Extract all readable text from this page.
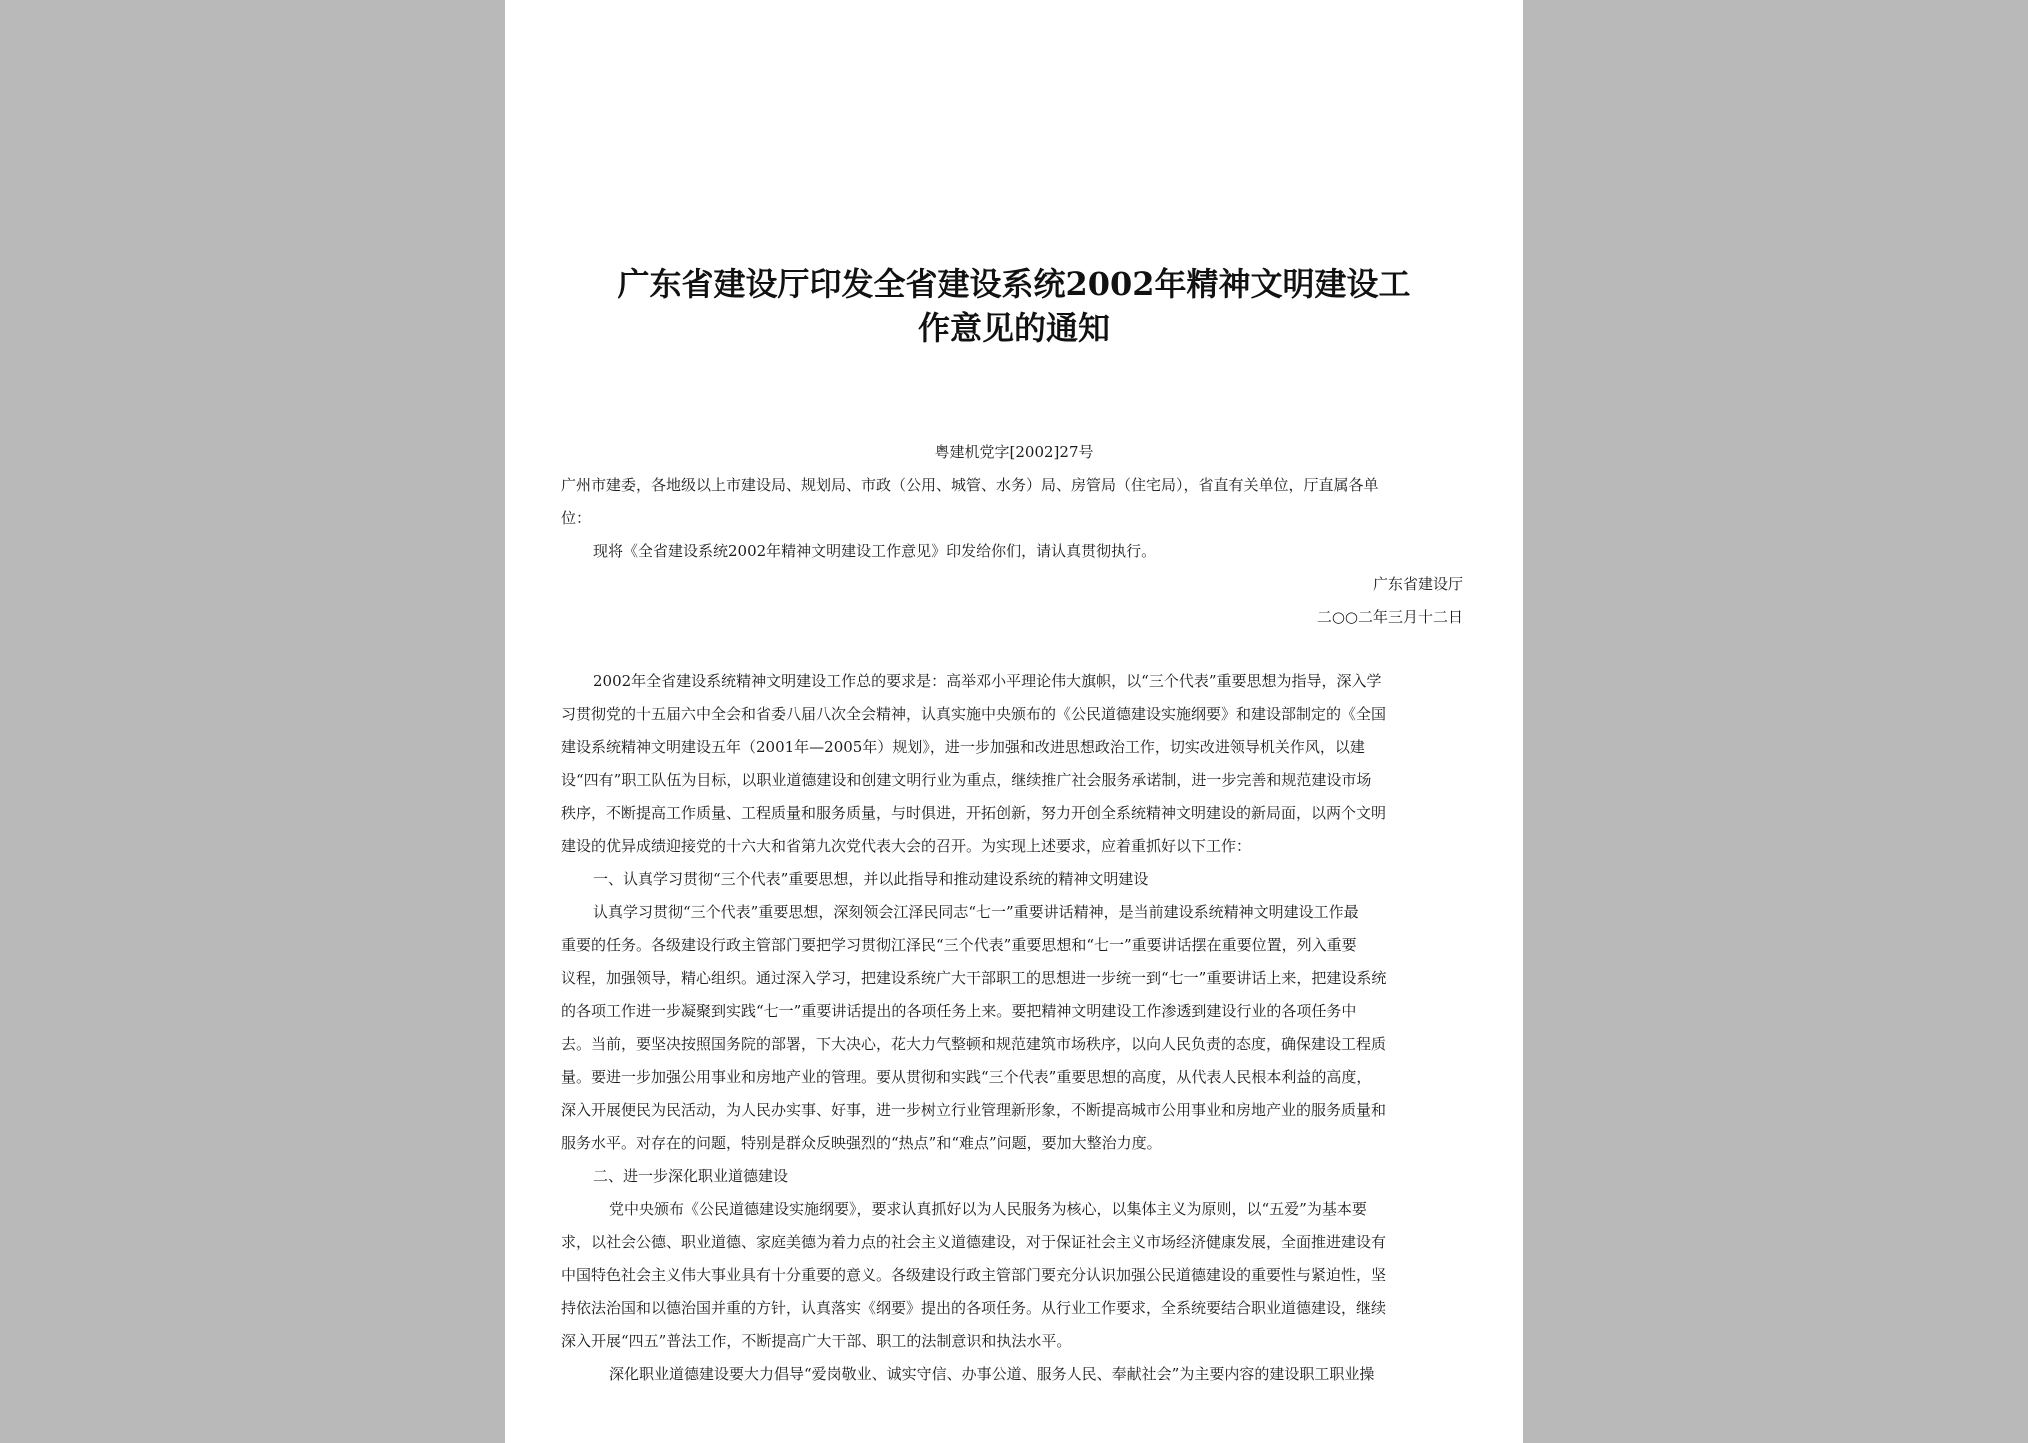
广东省建设厅印发全省建设系统2002年精神文明建设工
作意见的通知

粤建机党字[2002]27号

广州市建委，各地级以上市建设局、规划局、市政（公用、城管、水务）局、房管局（住宅局），省直有关单位，厅直属各单

位：

现将《全省建设系统2002年精神文明建设工作意见》印发给你们，请认真贯彻执行。

广东省建设厅

二○○二年三月十二日

2002年全省建设系统精神文明建设工作总的要求是：高举邓小平理论伟大旗帜，以“三个代表”重要思想为指导，深入学

习贯彻党的十五届六中全会和省委八届八次全会精神，认真实施中央颁布的《公民道德建设实施纲要》和建设部制定的《全国

建设系统精神文明建设五年（2001年—2005年）规划》，进一步加强和改进思想政治工作，切实改进领导机关作风，以建

设“四有”职工队伍为目标，以职业道德建设和创建文明行业为重点，继续推广社会服务承诺制，进一步完善和规范建设市场

秩序，不断提高工作质量、工程质量和服务质量，与时俱进，开拓创新，努力开创全系统精神文明建设的新局面，以两个文明

建设的优异成绩迎接党的十六大和省第九次党代表大会的召开。为实现上述要求，应着重抓好以下工作：

一、认真学习贯彻“三个代表”重要思想，并以此指导和推动建设系统的精神文明建设

认真学习贯彻“三个代表”重要思想，深刻领会江泽民同志“七一”重要讲话精神，是当前建设系统精神文明建设工作最

重要的任务。各级建设行政主管部门要把学习贯彻江泽民“三个代表”重要思想和“七一”重要讲话摆在重要位置，列入重要

议程，加强领导，精心组织。通过深入学习，把建设系统广大干部职工的思想进一步统一到“七一”重要讲话上来，把建设系统

的各项工作进一步凝聚到实践“七一”重要讲话提出的各项任务上来。要把精神文明建设工作渗透到建设行业的各项任务中

去。当前，要坚决按照国务院的部署，下大决心，花大力气整顿和规范建筑市场秩序，以向人民负责的态度，确保建设工程质

量。要进一步加强公用事业和房地产业的管理。要从贯彻和实践“三个代表”重要思想的高度，从代表人民根本利益的高度，

深入开展便民为民活动，为人民办实事、好事，进一步树立行业管理新形象，不断提高城市公用事业和房地产业的服务质量和

服务水平。对存在的问题，特别是群众反映强烈的“热点”和“难点”问题，要加大整治力度。

二、进一步深化职业道德建设

党中央颁布《公民道德建设实施纲要》，要求认真抓好以为人民服务为核心，以集体主义为原则，以“五爱”为基本要

求，以社会公德、职业道德、家庭美德为着力点的社会主义道德建设，对于保证社会主义市场经济健康发展，全面推进建设有

中国特色社会主义伟大事业具有十分重要的意义。各级建设行政主管部门要充分认识加强公民道德建设的重要性与紧迫性，坚

持依法治国和以德治国并重的方针，认真落实《纲要》提出的各项任务。从行业工作要求，全系统要结合职业道德建设，继续

深入开展“四五”普法工作，不断提高广大干部、职工的法制意识和执法水平。

深化职业道德建设要大力倡导“爱岗敬业、诚实守信、办事公道、服务人民、奉献社会”为主要内容的建设职工职业操
